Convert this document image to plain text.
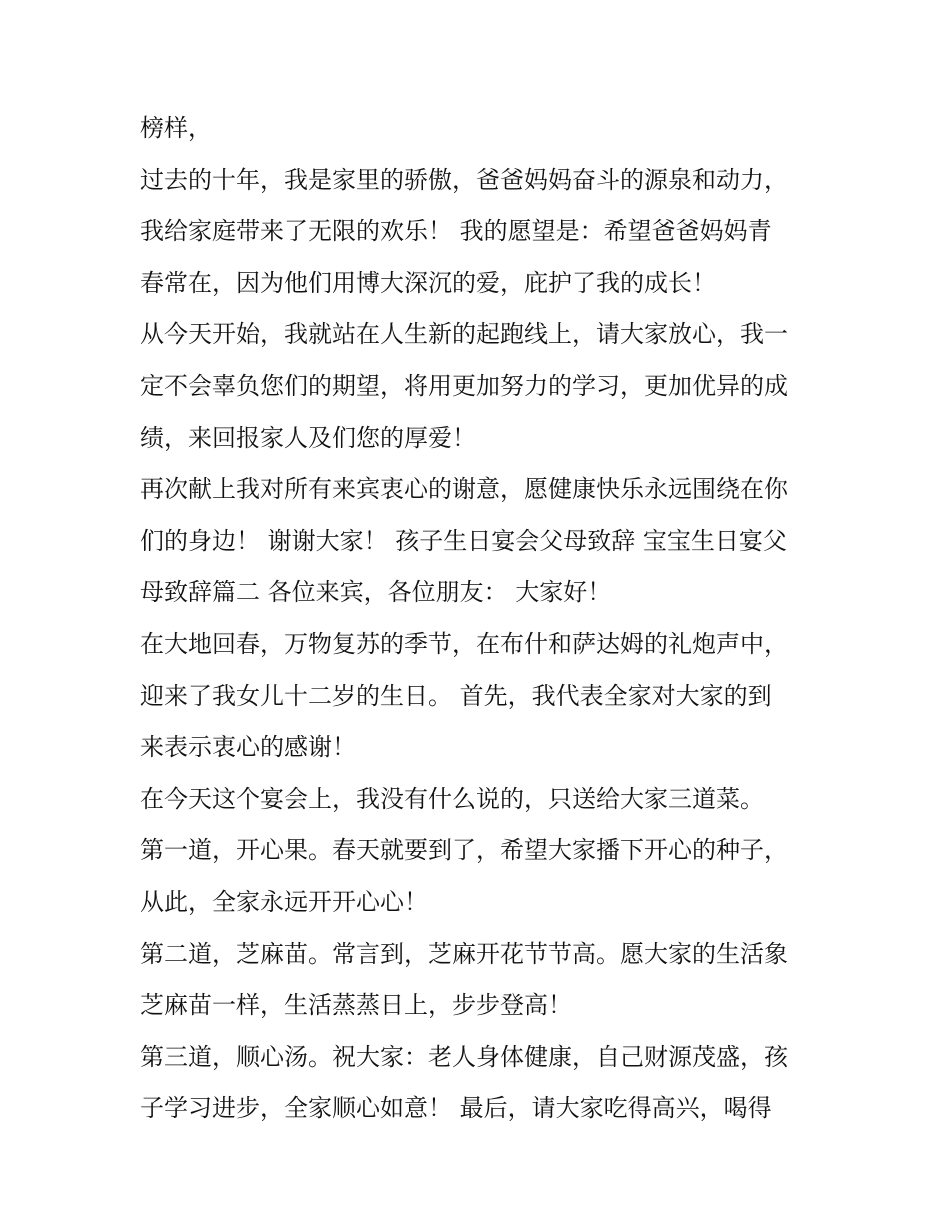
榜样，
过去的十年，我是家里的骄傲，爸爸妈妈奋斗的源泉和动力，
我给家庭带来了无限的欢乐！ 我的愿望是：希望爸爸妈妈青
春常在，因为他们用博大深沉的爱，庇护了我的成长！
从今天开始，我就站在人生新的起跑线上，请大家放心，我一
定不会辜负您们的期望，将用更加努力的学习，更加优异的成
绩，来回报家人及们您的厚爱！
再次献上我对所有来宾衷心的谢意，愿健康快乐永远围绕在你
们的身边！ 谢谢大家！ 孩子生日宴会父母致辞 宝宝生日宴父
母致辞篇二 各位来宾，各位朋友： 大家好！
在大地回春，万物复苏的季节，在布什和萨达姆的礼炮声中，
迎来了我女儿十二岁的生日。 首先，我代表全家对大家的到
来表示衷心的感谢！
在今天这个宴会上，我没有什么说的，只送给大家三道菜。
第一道，开心果。春天就要到了，希望大家播下开心的种子，
从此，全家永远开开心心！
第二道，芝麻苗。常言到，芝麻开花节节高。愿大家的生活象
芝麻苗一样，生活蒸蒸日上，步步登高！
第三道，顺心汤。祝大家：老人身体健康，自己财源茂盛，孩
子学习进步，全家顺心如意！ 最后，请大家吃得高兴，喝得
